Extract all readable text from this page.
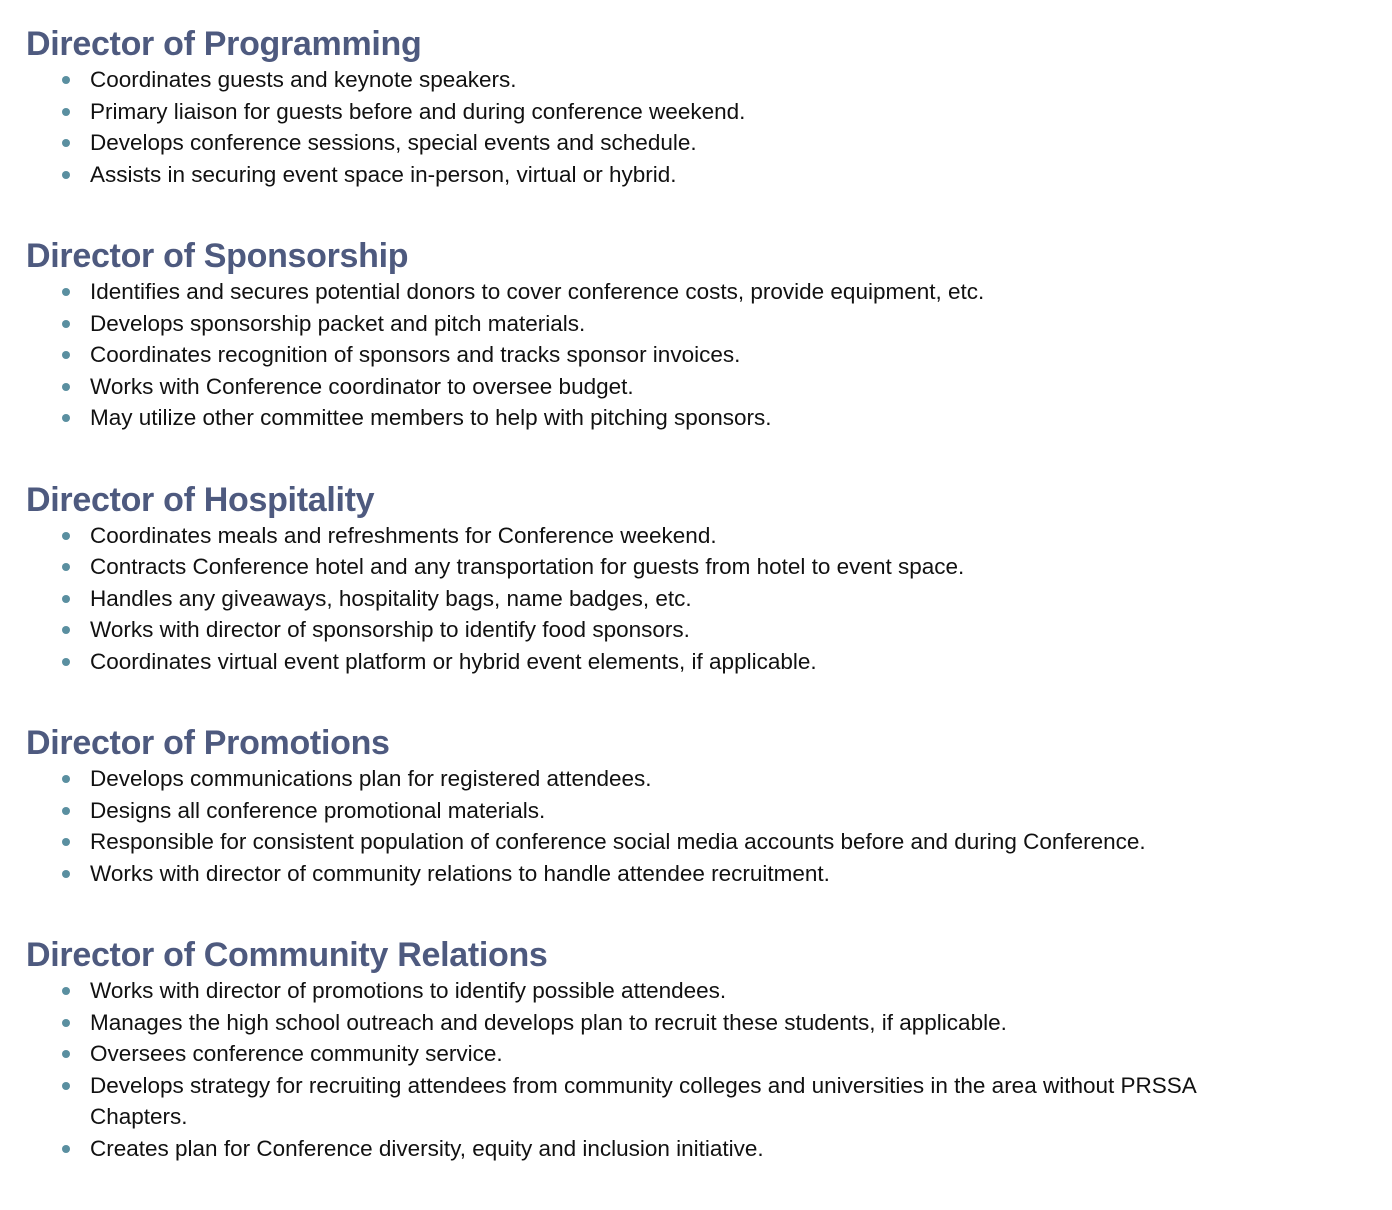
Director of Programming
Coordinates guests and keynote speakers.
Primary liaison for guests before and during conference weekend.
Develops conference sessions, special events and schedule.
Assists in securing event space in-person, virtual or hybrid.
Director of Sponsorship
Identifies and secures potential donors to cover conference costs, provide equipment, etc.
Develops sponsorship packet and pitch materials.
Coordinates recognition of sponsors and tracks sponsor invoices.
Works with Conference coordinator to oversee budget.
May utilize other committee members to help with pitching sponsors.
Director of Hospitality
Coordinates meals and refreshments for Conference weekend.
Contracts Conference hotel and any transportation for guests from hotel to event space.
Handles any giveaways, hospitality bags, name badges, etc.
Works with director of sponsorship to identify food sponsors.
Coordinates virtual event platform or hybrid event elements, if applicable.
Director of Promotions
Develops communications plan for registered attendees.
Designs all conference promotional materials.
Responsible for consistent population of conference social media accounts before and during Conference.
Works with director of community relations to handle attendee recruitment.
Director of Community Relations
Works with director of promotions to identify possible attendees.
Manages the high school outreach and develops plan to recruit these students, if applicable.
Oversees conference community service.
Develops strategy for recruiting attendees from community colleges and universities in the area without PRSSA Chapters.
Creates plan for Conference diversity, equity and inclusion initiative.
